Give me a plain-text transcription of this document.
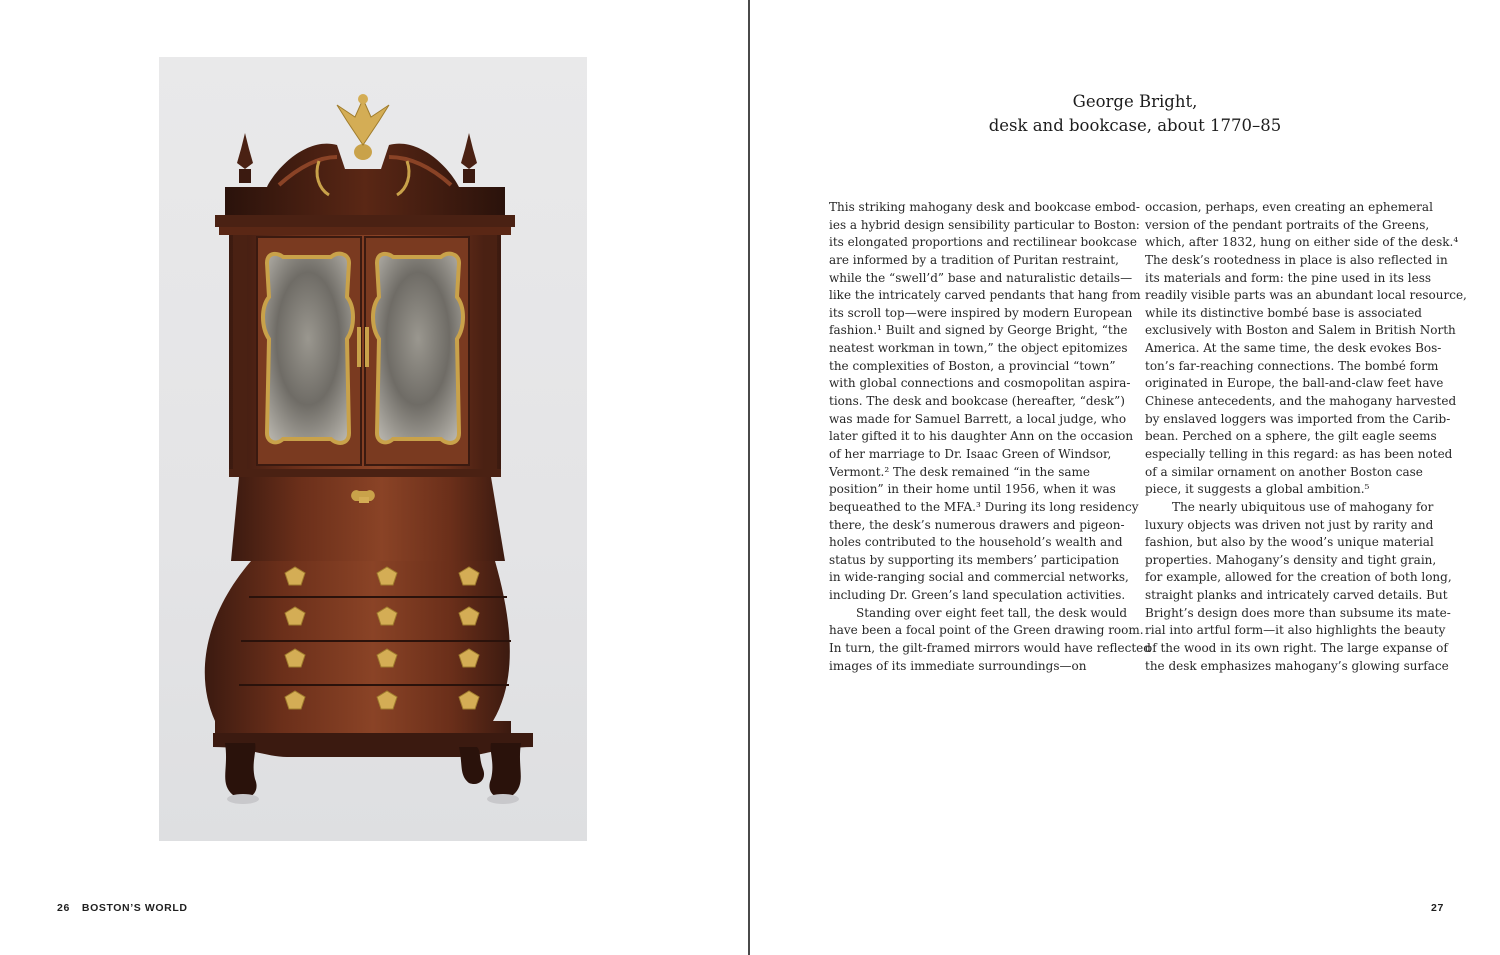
26 BOSTON’S WORLD
George Bright,
desk and bookcase, about 1770–85
This striking mahogany desk and bookcase embod-
ies a hybrid design sensibility particular to Boston:
its elongated proportions and rectilinear bookcase
are informed by a tradition of Puritan restraint,
while the “swell’d” base and naturalistic details—
like the intricately carved pendants that hang from
its scroll top—were inspired by modern European
fashion.¹ Built and signed by George Bright, “the
neatest workman in town,” the object epitomizes
the complexities of Boston, a provincial “town”
with global connections and cosmopolitan aspira-
tions. The desk and bookcase (hereafter, “desk”)
was made for Samuel Barrett, a local judge, who
later gifted it to his daughter Ann on the occasion
of her marriage to Dr. Isaac Green of Windsor,
Vermont.² The desk remained “in the same
position” in their home until 1956, when it was
bequeathed to the MFA.³ During its long residency
there, the desk’s numerous drawers and pigeon-
holes contributed to the household’s wealth and
status by supporting its members’ participation
in wide-ranging social and commercial networks,
including Dr. Green’s land speculation activities.
Standing over eight feet tall, the desk would
have been a focal point of the Green drawing room.
In turn, the gilt-framed mirrors would have reflected
images of its immediate surroundings—on
occasion, perhaps, even creating an ephemeral
version of the pendant portraits of the Greens,
which, after 1832, hung on either side of the desk.⁴
The desk’s rootedness in place is also reflected in
its materials and form: the pine used in its less
readily visible parts was an abundant local resource,
while its distinctive bombé base is associated
exclusively with Boston and Salem in British North
America. At the same time, the desk evokes Bos-
ton’s far-reaching connections. The bombé form
originated in Europe, the ball-and-claw feet have
Chinese antecedents, and the mahogany harvested
by enslaved loggers was imported from the Carib-
bean. Perched on a sphere, the gilt eagle seems
especially telling in this regard: as has been noted
of a similar ornament on another Boston case
piece, it suggests a global ambition.⁵
The nearly ubiquitous use of mahogany for
luxury objects was driven not just by rarity and
fashion, but also by the wood’s unique material
properties. Mahogany’s density and tight grain,
for example, allowed for the creation of both long,
straight planks and intricately carved details. But
Bright’s design does more than subsume its mate-
rial into artful form—it also highlights the beauty
of the wood in its own right. The large expanse of
the desk emphasizes mahogany’s glowing surface
27
